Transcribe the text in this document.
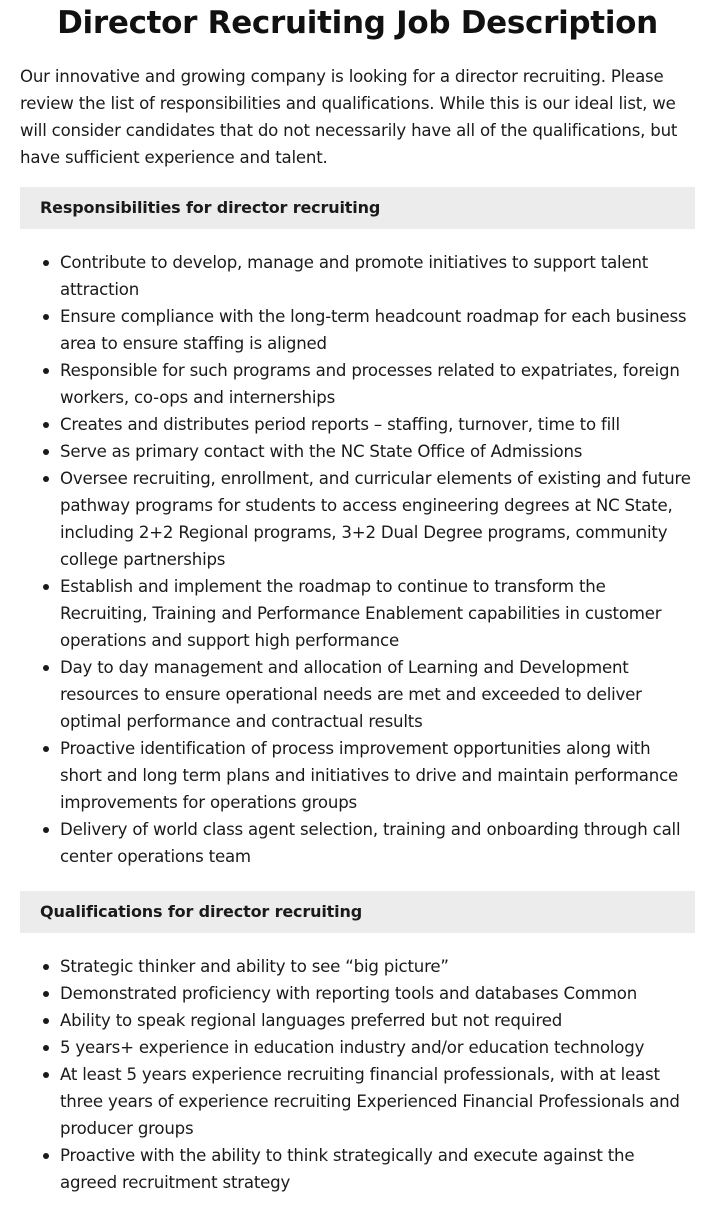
Director Recruiting Job Description

Our innovative and growing company is looking for a director recruiting. Please review the list of responsibilities and qualifications. While this is our ideal list, we will consider candidates that do not necessarily have all of the qualifications, but have sufficient experience and talent.

Responsibilities for director recruiting
Contribute to develop, manage and promote initiatives to support talent attraction
Ensure compliance with the long-term headcount roadmap for each business area to ensure staffing is aligned
Responsible for such programs and processes related to expatriates, foreign workers, co-ops and internerships
Creates and distributes period reports – staffing, turnover, time to fill
Serve as primary contact with the NC State Office of Admissions
Oversee recruiting, enrollment, and curricular elements of existing and future pathway programs for students to access engineering degrees at NC State, including 2+2 Regional programs, 3+2 Dual Degree programs, community college partnerships
Establish and implement the roadmap to continue to transform the Recruiting, Training and Performance Enablement capabilities in customer operations and support high performance
Day to day management and allocation of Learning and Development resources to ensure operational needs are met and exceeded to deliver optimal performance and contractual results
Proactive identification of process improvement opportunities along with short and long term plans and initiatives to drive and maintain performance improvements for operations groups
Delivery of world class agent selection, training and onboarding through call center operations team
Qualifications for director recruiting
Strategic thinker and ability to see “big picture”
Demonstrated proficiency with reporting tools and databases Common
Ability to speak regional languages preferred but not required
5 years+ experience in education industry and/or education technology
At least 5 years experience recruiting financial professionals, with at least three years of experience recruiting Experienced Financial Professionals and producer groups
Proactive with the ability to think strategically and execute against the agreed recruitment strategy
